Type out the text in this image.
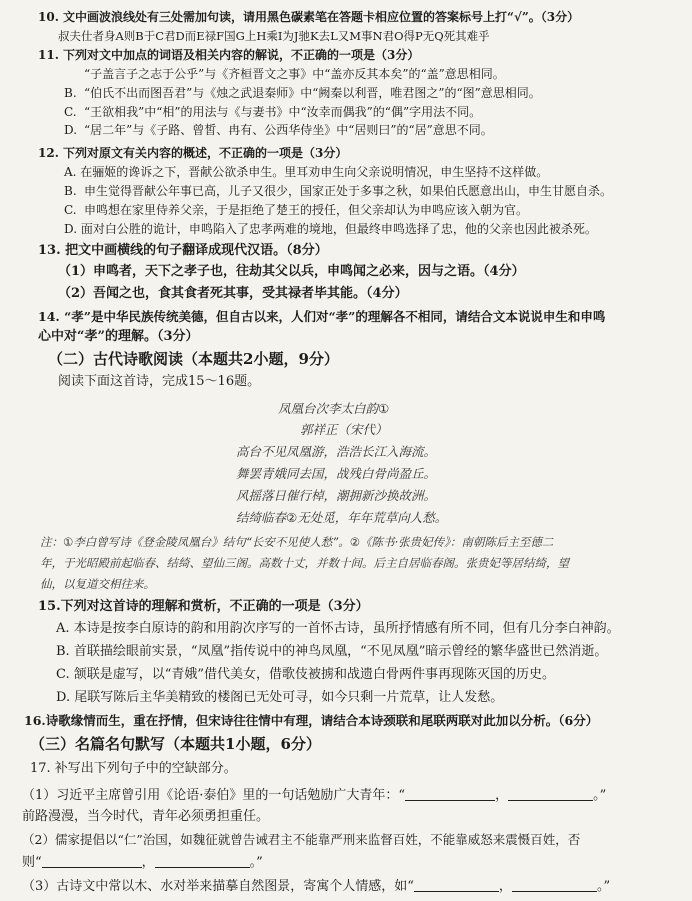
10. 文中画波浪线处有三处需加句读，请用黑色碳素笔在答题卡相应位置的答案标号上打“√”。（3分）
叔夫仕者身A则B于C君D而E禄F国G上H乘I为J驰K去L又M事N君O得P无Q死其难乎
11. 下列对文中加点的词语及相关内容的解说，不正确的一项是（3分）
“子盖言子之志于公乎”与《齐桓晋文之事》中“盖亦反其本矣”的“盖”意思相同。
B. “伯氏不出而图吾君”与《烛之武退秦师》中“阙秦以利晋，唯君图之”的“图”意思相同。
C. “王欲相我”中“相”的用法与《与妻书》中“汝幸而偶我”的“偶”字用法不同。
D. “居二年”与《子路、曾皙、冉有、公西华侍坐》中“居则曰”的“居”意思不同。
12. 下列对原文有关内容的概述，不正确的一项是（3分）
A. 在骊姬的谗诉之下，晋献公欲杀申生。里耳劝申生向父亲说明情况，申生坚持不这样做。
B. 申生觉得晋献公年事已高，儿子又很少，国家正处于多事之秋，如果伯氏愿意出山，申生甘愿自杀。
C. 申鸣想在家里侍养父亲，于是拒绝了楚王的授任，但父亲却认为申鸣应该入朝为官。
D. 面对白公胜的诡计，申鸣陷入了忠孝两难的境地，但最终申鸣选择了忠，他的父亲也因此被杀死。
13. 把文中画横线的句子翻译成现代汉语。（8分）
（1）申鸣者，天下之孝子也，往劫其父以兵，申鸣闻之必来，因与之语。（4分）
（2）吾闻之也，食其食者死其事，受其禄者毕其能。（4分）
14. “孝”是中华民族传统美德，但自古以来，人们对“孝”的理解各不相同，请结合文本说说申生和申鸣
心中对“孝”的理解。（3分）
（二）古代诗歌阅读（本题共2小题，9分）
阅读下面这首诗，完成15～16题。
凤凰台次李太白韵①
郭祥正（宋代）
高台不见凤凰游，浩浩长江入海流。
舞罢青娥同去国，战残白骨尚盈丘。
风摇落日催行棹，潮拥新沙换故洲。
结绮临春②无处觅，年年荒草向人愁。
注：①李白曾写诗《登金陵凤凰台》结句“长安不见使人愁”。②《陈书·张贵妃传》：南朝陈后主至德二
年，于光昭殿前起临春、结绮、望仙三阁。高数十丈，并数十间。后主自居临春阁。张贵妃等居结绮，望
仙，以复道交相往来。
15.下列对这首诗的理解和赏析，不正确的一项是（3分）
A. 本诗是按李白原诗的韵和用韵次序写的一首怀古诗，虽所抒情感有所不同，但有几分李白神韵。
B. 首联描绘眼前实景，“凤凰”指传说中的神鸟凤凰，“不见凤凰”暗示曾经的繁华盛世已然消逝。
C. 颔联是虚写，以“青娥”借代美女，借歌伎被掳和战遗白骨两件事再现陈灭国的历史。
D. 尾联写陈后主华美精致的楼阁已无处可寻，如今只剩一片荒草，让人发愁。
16.诗歌缘情而生，重在抒情，但宋诗往往情中有理，请结合本诗颈联和尾联两联对此加以分析。（6分）
（三）名篇名句默写（本题共1小题，6分）
17. 补写出下列句子中的空缺部分。
（1）习近平主席曾引用《论语·泰伯》里的一句话勉励广大青年：“	，	。”
前路漫漫，当今时代，青年必须勇担重任。
（2）儒家提倡以“仁”治国，如魏征就曾告诫君主不能靠严刑来监督百姓，不能靠威怒来震慑百姓，否
则“	，	。”
（3）古诗文中常以木、水对举来描摹自然图景，寄寓个人情感，如“	，	。”
